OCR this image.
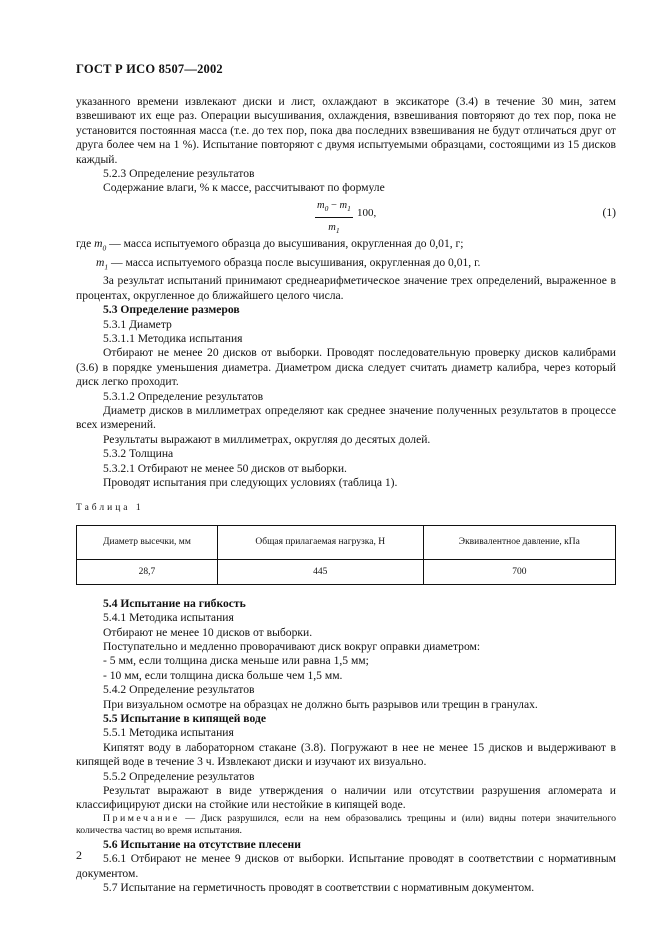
ГОСТ Р ИСО 8507—2002

указанного времени извлекают диски и лист, охлаждают в эксикаторе (3.4) в течение 30 мин, затем взвешивают их еще раз. Операции высушивания, охлаждения, взвешивания повторяют до тех пор, пока не установится постоянная масса (т.е. до тех пор, пока два последних взвешивания не будут отличаться друг от друга более чем на 1 %). Испытание повторяют с двумя испытуемыми образцами, состоящими из 15 дисков каждый.

5.2.3 Определение результатов

Содержание влаги, % к массе, рассчитывают по формуле

$\frac{m_0 - m_1}{m_1} 100$,	(1)

где $m_0$ — масса испытуемого образца до высушивания, округленная до 0,01, г;

$m_1$ — масса испытуемого образца после высушивания, округленная до 0,01, г.

За результат испытаний принимают среднеарифметическое значение трех определений, выраженное в процентах, округленное до ближайшего целого числа.

5.3 Определение размеров

5.3.1 Диаметр

5.3.1.1 Методика испытания

Отбирают не менее 20 дисков от выборки. Проводят последовательную проверку дисков калибрами (3.6) в порядке уменьшения диаметра. Диаметром диска следует считать диаметр калибра, через который диск легко проходит.

5.3.1.2 Определение результатов

Диаметр дисков в миллиметрах определяют как среднее значение полученных результатов в процессе всех измерений.

Результаты выражают в миллиметрах, округляя до десятых долей.

5.3.2 Толщина

5.3.2.1 Отбирают не менее 50 дисков от выборки.

Проводят испытания при следующих условиях (таблица 1).

Таблица 1
Диаметр высечки, мм	Общая прилагаемая нагрузка, Н	Эквивалентное давление, кПа
28,7	445	700

5.4 Испытание на гибкость

5.4.1 Методика испытания

Отбирают не менее 10 дисков от выборки.

Поступательно и медленно проворачивают диск вокруг оправки диаметром:

- 5 мм, если толщина диска меньше или равна 1,5 мм;

- 10 мм, если толщина диска больше чем 1,5 мм.

5.4.2 Определение результатов

При визуальном осмотре на образцах не должно быть разрывов или трещин в гранулах.

5.5 Испытание в кипящей воде

5.5.1 Методика испытания

Кипятят воду в лабораторном стакане (3.8). Погружают в нее не менее 15 дисков и выдерживают в кипящей воде в течение 3 ч. Извлекают диски и изучают их визуально.

5.5.2 Определение результатов

Результат выражают в виде утверждения о наличии или отсутствии разрушения агломерата и классифицируют диски на стойкие или нестойкие в кипящей воде.

Примечание — Диск разрушился, если на нем образовались трещины и (или) видны потери значительного количества частиц во время испытания.

5.6 Испытание на отсутствие плесени

5.6.1 Отбирают не менее 9 дисков от выборки. Испытание проводят в соответствии с нормативным документом.

5.7 Испытание на герметичность проводят в соответствии с нормативным документом.

2
